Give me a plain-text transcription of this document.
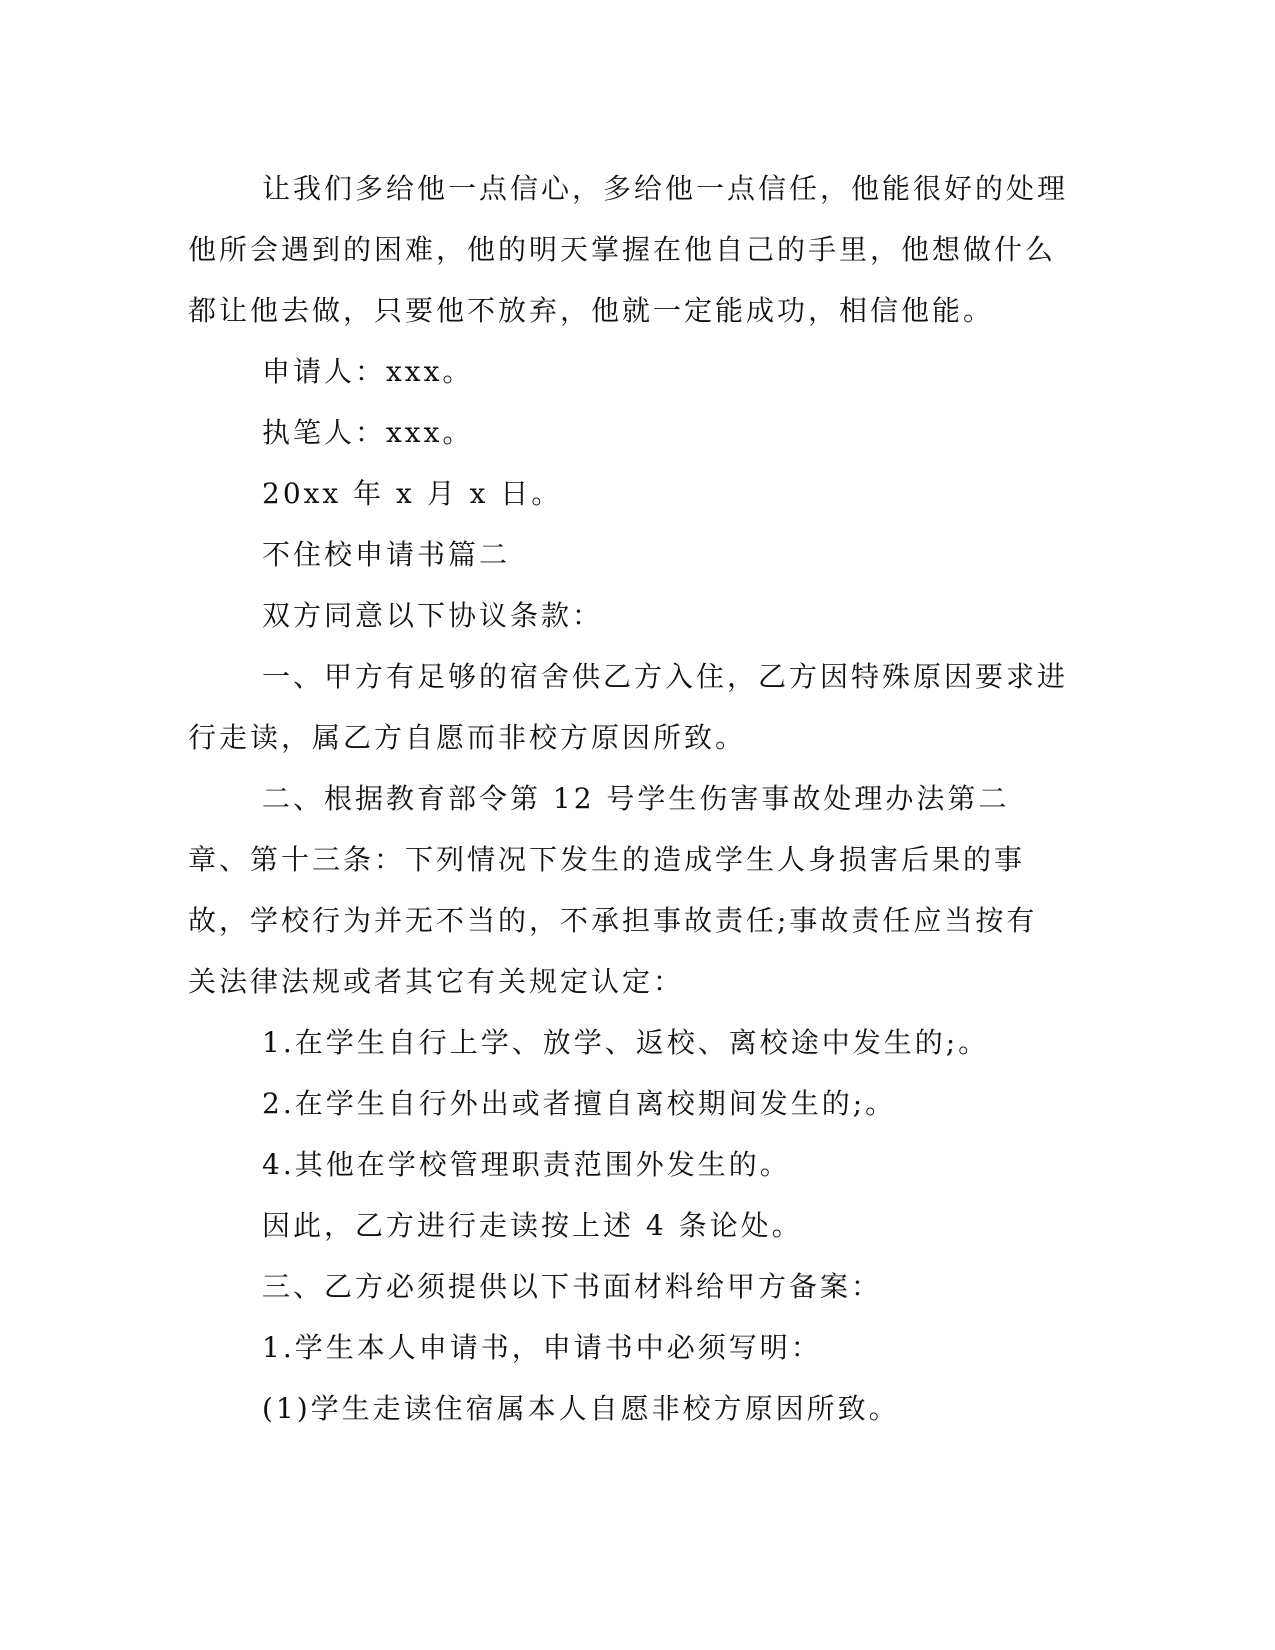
让我们多给他一点信心，多给他一点信任，他能很好的处理他所会遇到的困难，他的明天掌握在他自己的手里，他想做什么都让他去做，只要他不放弃，他就一定能成功，相信他能。

申请人：xxx。

执笔人：xxx。

20xx 年 x 月 x 日。

不住校申请书篇二

双方同意以下协议条款：

一、甲方有足够的宿舍供乙方入住，乙方因特殊原因要求进行走读，属乙方自愿而非校方原因所致。

二、根据教育部令第 12 号学生伤害事故处理办法第二章、第十三条：下列情况下发生的造成学生人身损害后果的事故，学校行为并无不当的，不承担事故责任;事故责任应当按有关法律法规或者其它有关规定认定：

1.在学生自行上学、放学、返校、离校途中发生的;。

2.在学生自行外出或者擅自离校期间发生的;。

4.其他在学校管理职责范围外发生的。

因此，乙方进行走读按上述 4 条论处。

三、乙方必须提供以下书面材料给甲方备案：

1.学生本人申请书，申请书中必须写明：

(1)学生走读住宿属本人自愿非校方原因所致。
